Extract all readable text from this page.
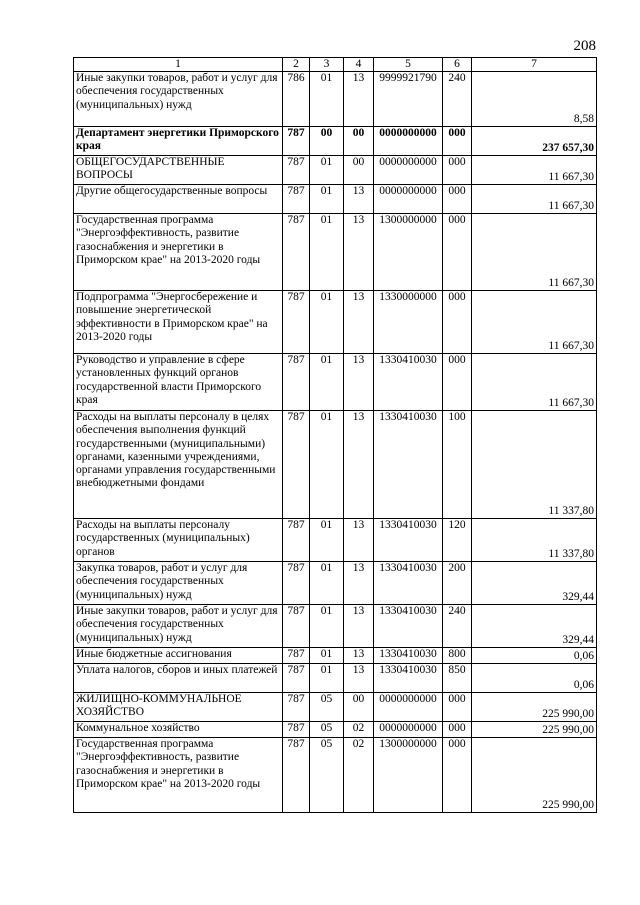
208
1	2	3	4	5	6	7
Иные закупки товаров, работ и услуг для обеспечения государственных (муниципальных) нужд	786	01	13	9999921790	240	8,58
Департамент энергетики Приморского края	787	00	00	0000000000	000	237 657,30
ОБЩЕГОСУДАРСТВЕННЫЕ ВОПРОСЫ	787	01	00	0000000000	000	11 667,30
Другие общегосударственные вопросы	787	01	13	0000000000	000	11 667,30
Государственная программа "Энергоэффективность, развитие газоснабжения и энергетики в Приморском крае" на 2013-2020 годы	787	01	13	1300000000	000	11 667,30
Подпрограмма "Энергосбережение и повышение энергетической эффективности в Приморском крае" на 2013-2020 годы	787	01	13	1330000000	000	11 667,30
Руководство и управление в сфере установленных функций органов государственной власти Приморского края	787	01	13	1330410030	000	11 667,30
Расходы на выплаты персоналу в целях обеспечения выполнения функций государственными (муниципальными) органами, казенными учреждениями, органами управления государственными внебюджетными фондами	787	01	13	1330410030	100	11 337,80
Расходы на выплаты персоналу государственных (муниципальных) органов	787	01	13	1330410030	120	11 337,80
Закупка товаров, работ и услуг для обеспечения государственных (муниципальных) нужд	787	01	13	1330410030	200	329,44
Иные закупки товаров, работ и услуг для обеспечения государственных (муниципальных) нужд	787	01	13	1330410030	240	329,44
Иные бюджетные ассигнования	787	01	13	1330410030	800	0,06
Уплата налогов, сборов и иных платежей	787	01	13	1330410030	850	0,06
ЖИЛИЩНО-КОММУНАЛЬНОЕ ХОЗЯЙСТВО	787	05	00	0000000000	000	225 990,00
Коммунальное хозяйство	787	05	02	0000000000	000	225 990,00
Государственная программа "Энергоэффективность, развитие газоснабжения и энергетики в Приморском крае" на 2013-2020 годы	787	05	02	1300000000	000	225 990,00
